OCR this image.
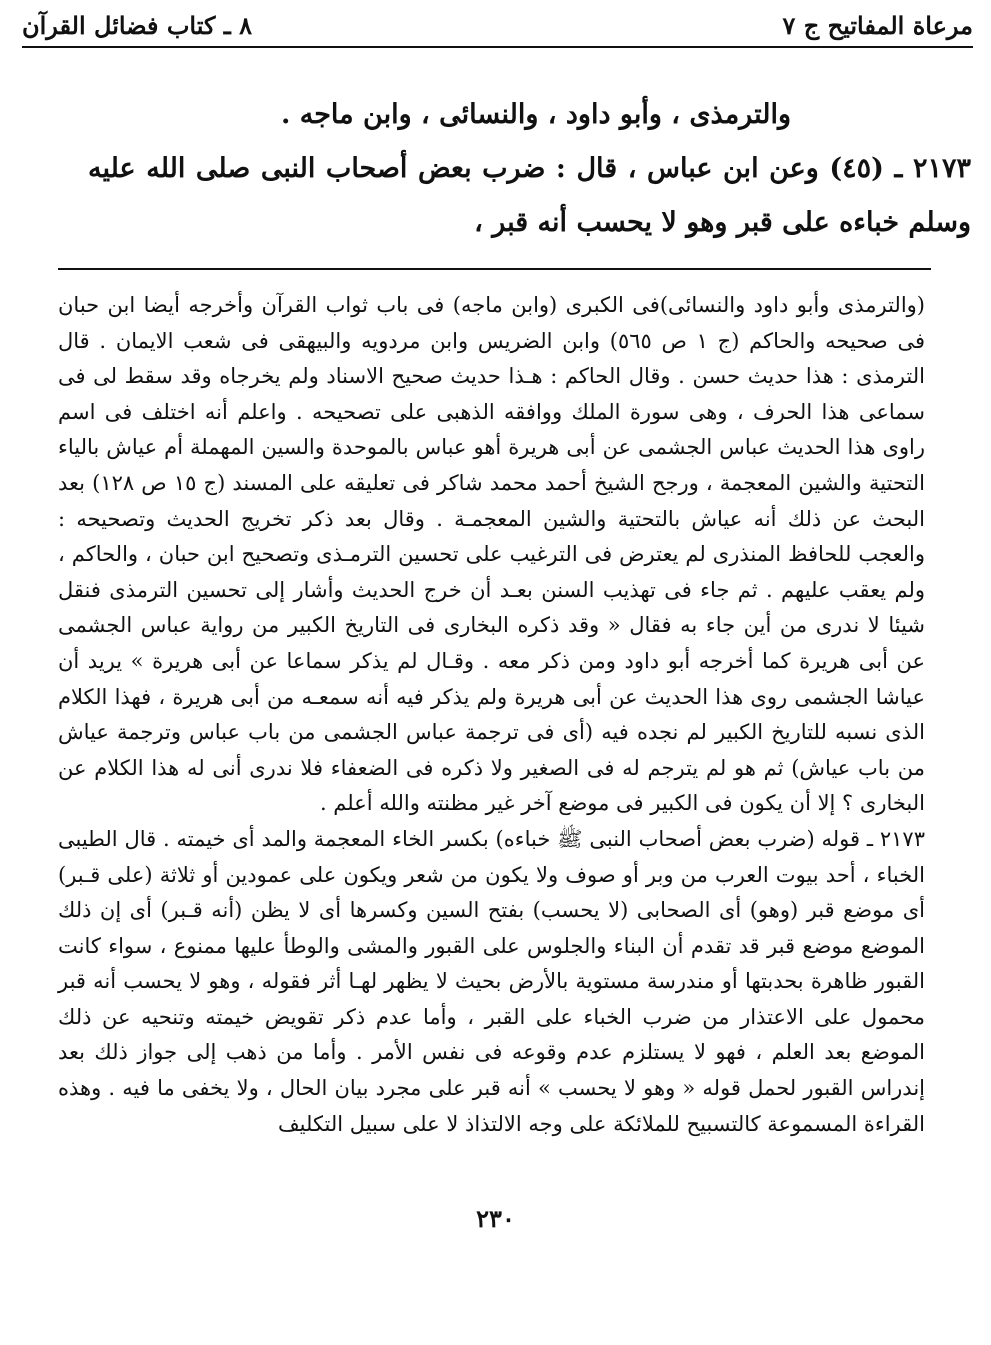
مرعاة المفاتيح ج ٧
٨ ـ كتاب فضائل القرآن

والترمذى ، وأبو داود ، والنسائى ، وابن ماجه .

٢١٧٣ ـ (٤٥) وعن ابن عباس ، قال : ضرب بعض أصحاب النبى صلى الله عليه وسلم خباءه على قبر وهو لا يحسب أنه قبر ،

(والترمذى وأبو داود والنسائى)فى الكبرى (وابن ماجه) فى باب ثواب القرآن وأخرجه أيضا ابن حبان فى صحيحه والحاكم (ج ١ ص ٥٦٥) وابن الضريس وابن مردويه والبيهقى فى شعب الايمان . قال الترمذى : هذا حديث حسن . وقال الحاكم : هـذا حديث صحيح الاسناد ولم يخرجاه وقد سقط لى فى سماعى هذا الحرف ، وهى سورة الملك ووافقه الذهبى على تصحيحه . واعلم أنه اختلف فى اسم راوى هذا الحديث عباس الجشمى عن أبى هريرة أهو عباس بالموحدة والسين المهملة أم عياش بالياء التحتية والشين المعجمة ، ورجح الشيخ أحمد محمد شاكر فى تعليقه على المسند (ج ١٥ ص ١٢٨) بعد البحث عن ذلك أنه عياش بالتحتية والشين المعجمـة . وقال بعد ذكر تخريج الحديث وتصحيحه : والعجب للحافظ المنذرى لم يعترض فى الترغيب على تحسين الترمـذى وتصحيح ابن حبان ، والحاكم ، ولم يعقب عليهم . ثم جاء فى تهذيب السنن بعـد أن خرج الحديث وأشار إلى تحسين الترمذى فنقل شيئا لا ندرى من أين جاء به فقال « وقد ذكره البخارى فى التاريخ الكبير من رواية عباس الجشمى عن أبى هريرة كما أخرجه أبو داود ومن ذكر معه . وقـال لم يذكر سماعا عن أبى هريرة » يريد أن عياشا الجشمى روى هذا الحديث عن أبى هريرة ولم يذكر فيه أنه سمعـه من أبى هريرة ، فهذا الكلام الذى نسبه للتاريخ الكبير لم نجده فيه (أى فى ترجمة عباس الجشمى من باب عباس وترجمة عياش من باب عياش) ثم هو لم يترجم له فى الصغير ولا ذكره فى الضعفاء فلا ندرى أنى له هذا الكلام عن البخارى ؟ إلا أن يكون فى الكبير فى موضع آخر غير مظنته والله أعلم .

٢١٧٣ ـ قوله (ضرب بعض أصحاب النبى ﷺ خباءه) بكسر الخاء المعجمة والمد أى خيمته . قال الطيبى الخباء ، أحد بيوت العرب من وبر أو صوف ولا يكون من شعر ويكون على عمودين أو ثلاثة (على قـبر) أى موضع قبر (وهو) أى الصحابى (لا يحسب) بفتح السين وكسرها أى لا يظن (أنه قـبر) أى إن ذلك الموضع موضع قبر قد تقدم أن البناء والجلوس على القبور والمشى والوطأ عليها ممنوع ، سواء كانت القبور ظاهرة بحدبتها أو مندرسة مستوية بالأرض بحيث لا يظهر لهـا أثر فقوله ، وهو لا يحسب أنه قبر محمول على الاعتذار من ضرب الخباء على القبر ، وأما عدم ذكر تقويض خيمته وتنحيه عن ذلك الموضع بعد العلم ، فهو لا يستلزم عدم وقوعه فى نفس الأمر . وأما من ذهب إلى جواز ذلك بعد إندراس القبور لحمل قوله « وهو لا يحسب » أنه قبر على مجرد بيان الحال ، ولا يخفى ما فيه . وهذه القراءة المسموعة كالتسبيح للملائكة على وجه الالتذاذ لا على سبيل التكليف

٢٣٠
